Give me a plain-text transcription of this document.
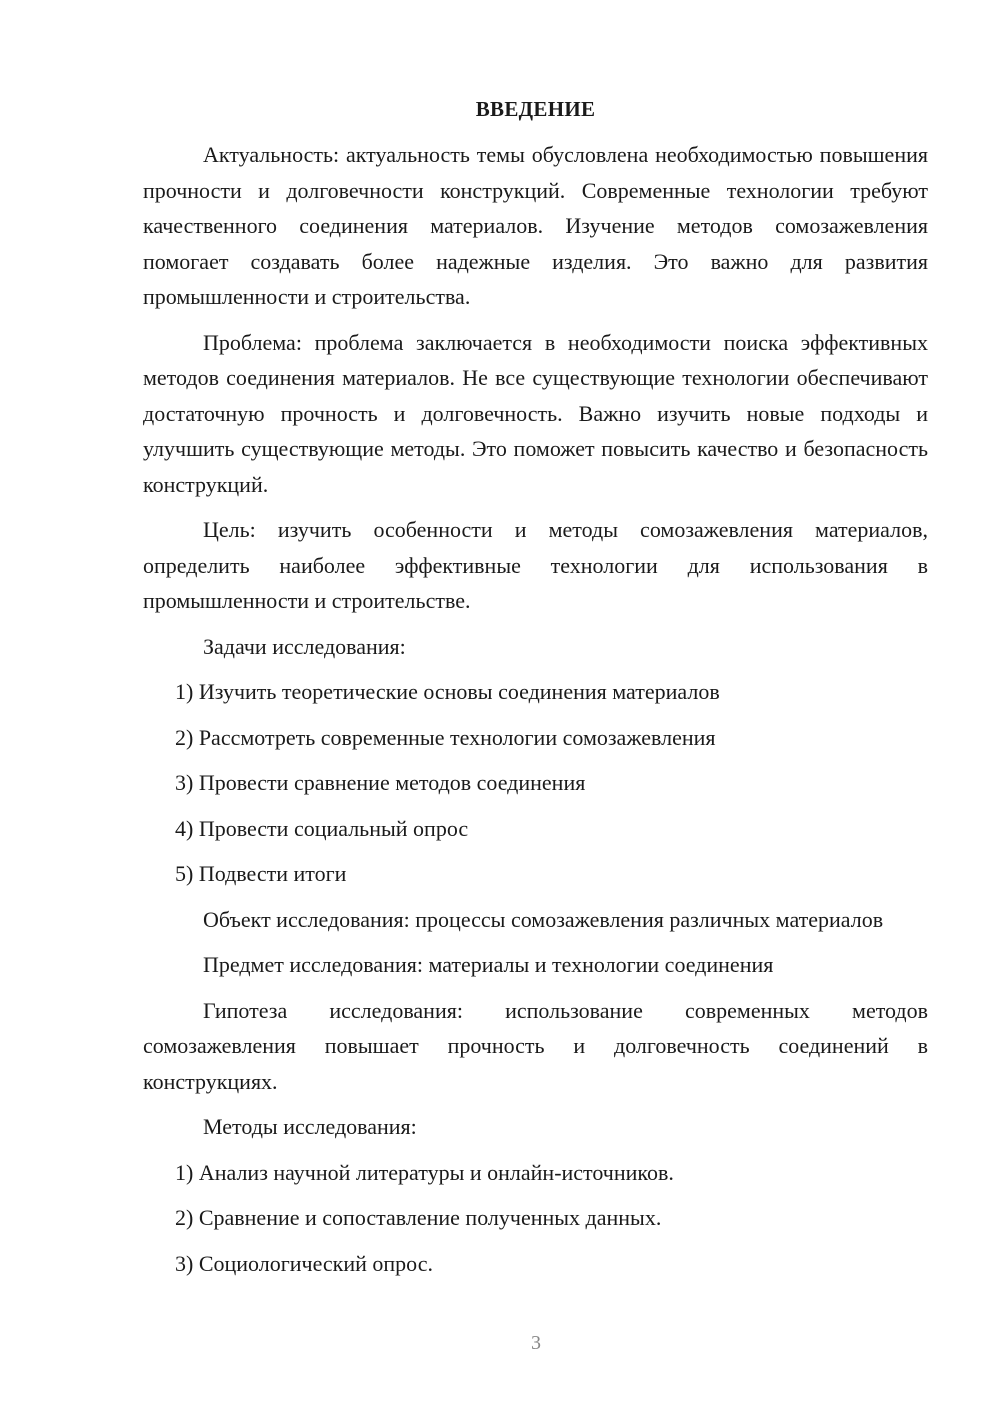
ВВЕДЕНИЕ

Актуальность: актуальность темы обусловлена необходимостью повышения прочности и долговечности конструкций. Современные технологии требуют качественного соединения материалов. Изучение методов сомозажевления помогает создавать более надежные изделия. Это важно для развития промышленности и строительства.

Проблема: проблема заключается в необходимости поиска эффективных методов соединения материалов. Не все существующие технологии обеспечивают достаточную прочность и долговечность. Важно изучить новые подходы и улучшить существующие методы. Это поможет повысить качество и безопасность конструкций.

Цель: изучить особенности и методы сомозажевления материалов, определить наиболее эффективные технологии для использования в промышленности и строительстве.

Задачи исследования:

1) Изучить теоретические основы соединения материалов

2) Рассмотреть современные технологии сомозажевления

3) Провести сравнение методов соединения

4) Провести социальный опрос

5) Подвести итоги

Объект исследования: процессы сомозажевления различных материалов

Предмет исследования: материалы и технологии соединения

Гипотеза исследования: использование современных методов сомозажевления повышает прочность и долговечность соединений в конструкциях.

Методы исследования:

1) Анализ научной литературы и онлайн-источников.

2) Сравнение и сопоставление полученных данных.

3) Социологический опрос.

3
